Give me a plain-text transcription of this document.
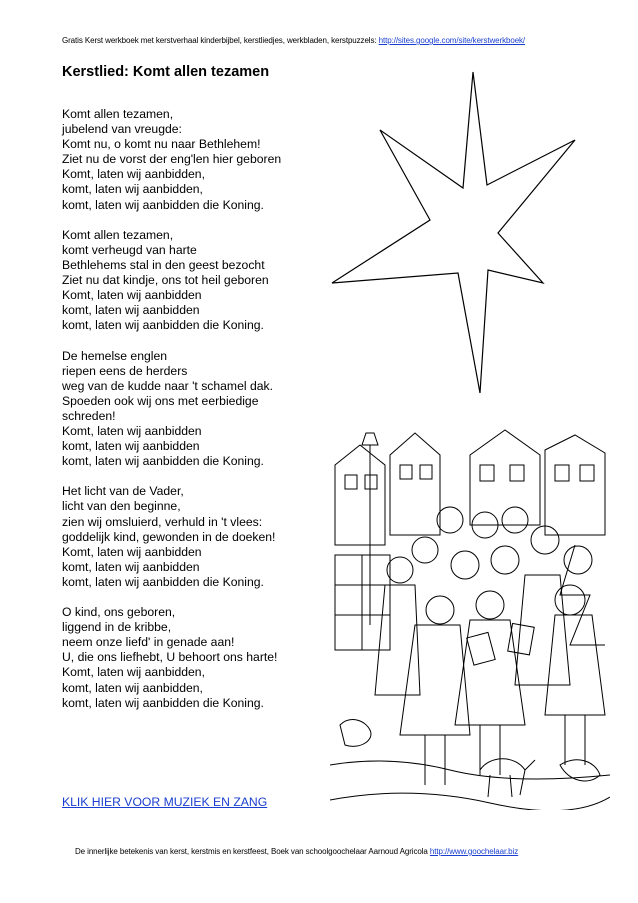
Gratis Kerst werkboek met kerstverhaal kinderbijbel, kerstliedjes, werkbladen, kerstpuzzels: http://sites.google.com/site/kerstwerkboek/
Kerstlied: Komt allen tezamen
Komt allen tezamen,
jubelend van vreugde:
Komt nu, o komt nu naar Bethlehem!
Ziet nu de vorst der eng'len hier geboren
Komt, laten wij aanbidden,
komt, laten wij aanbidden,
komt, laten wij aanbidden die Koning.
Komt allen tezamen,
komt verheugd van harte
Bethlehems stal in den geest bezocht
Ziet nu dat kindje, ons tot heil geboren
Komt, laten wij aanbidden
komt, laten wij aanbidden
komt, laten wij aanbidden die Koning.
De hemelse englen
riepen eens de herders
weg van de kudde naar 't schamel dak.
Spoeden ook wij ons met eerbiedige
schreden!
Komt, laten wij aanbidden
komt, laten wij aanbidden
komt, laten wij aanbidden die Koning.
Het licht van de Vader,
licht van den beginne,
zien wij omsluierd, verhuld in 't vlees:
goddelijk kind, gewonden in de doeken!
Komt, laten wij aanbidden
komt, laten wij aanbidden
komt, laten wij aanbidden die Koning.
O kind, ons geboren,
liggend in de kribbe,
neem onze liefd' in genade aan!
U, die ons liefhebt, U behoort ons harte!
Komt, laten wij aanbidden,
komt, laten wij aanbidden,
komt, laten wij aanbidden die Koning.
KLIK HIER VOOR MUZIEK EN ZANG
De innerlijke betekenis van kerst, kerstmis en kerstfeest, Boek van schoolgoochelaar Aarnoud Agricola http://www.goochelaar.biz
